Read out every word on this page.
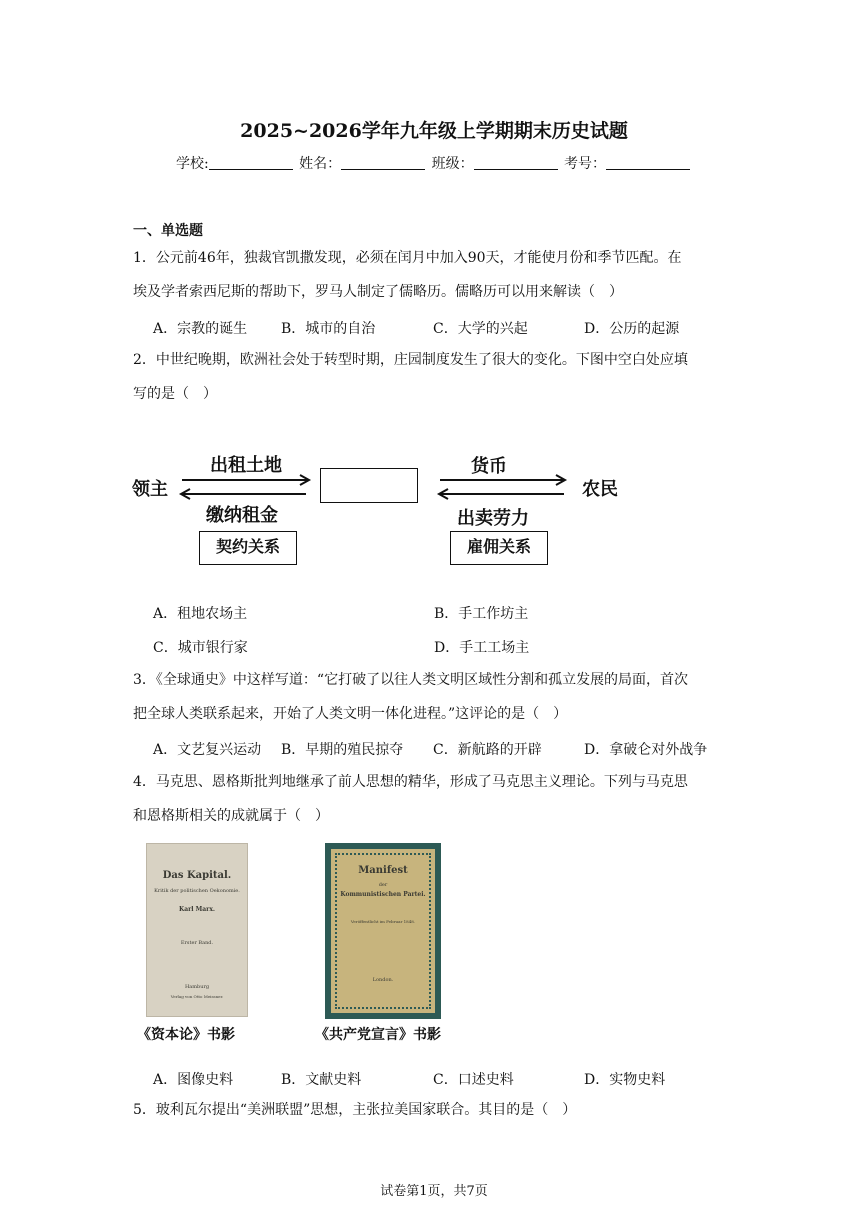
2025~2026学年九年级上学期期末历史试题
学校:	姓名：	班级：	考号：
一、单选题
1．公元前46年，独裁官凯撒发现，必须在闰月中加入90天，才能使月份和季节匹配。在
埃及学者索西尼斯的帮助下，罗马人制定了儒略历。儒略历可以用来解读（　）
A．宗教的诞生 B．城市的自治	C．大学的兴起	D．公历的起源
2．中世纪晚期，欧洲社会处于转型时期，庄园制度发生了很大的变化。下图中空白处应填
写的是（　）
领主
出租土地
缴纳租金
货币
出卖劳力
农民
契约关系	雇佣关系
A．租地农场主	B．手工作坊主
C．城市银行家	D．手工工场主
3．《全球通史》中这样写道：“它打破了以往人类文明区域性分割和孤立发展的局面，首次
把全球人类联系起来，开始了人类文明一体化进程。”这评论的是（　）
A．文艺复兴运动 B．早期的殖民掠夺 C．新航路的开辟	D．拿破仑对外战争
4．马克思、恩格斯批判地继承了前人思想的精华，形成了马克思主义理论。下列与马克思
和恩格斯相关的成就属于（　）
Das Kapital.
Kritik der politischen Oekonomie.
Karl Marx.
Erster Band.
Hamburg
Verlag von Otto Meissner.
《资本论》书影
Manifest
der
Kommunistischen Partei.
Veröffentlicht im Februar 1848.
London.
《共产党宣言》书影
A．图像史料	B．文献史料	C．口述史料	D．实物史料
5．玻利瓦尔提出“美洲联盟”思想，主张拉美国家联合。其目的是（　）
试卷第1页，共7页
